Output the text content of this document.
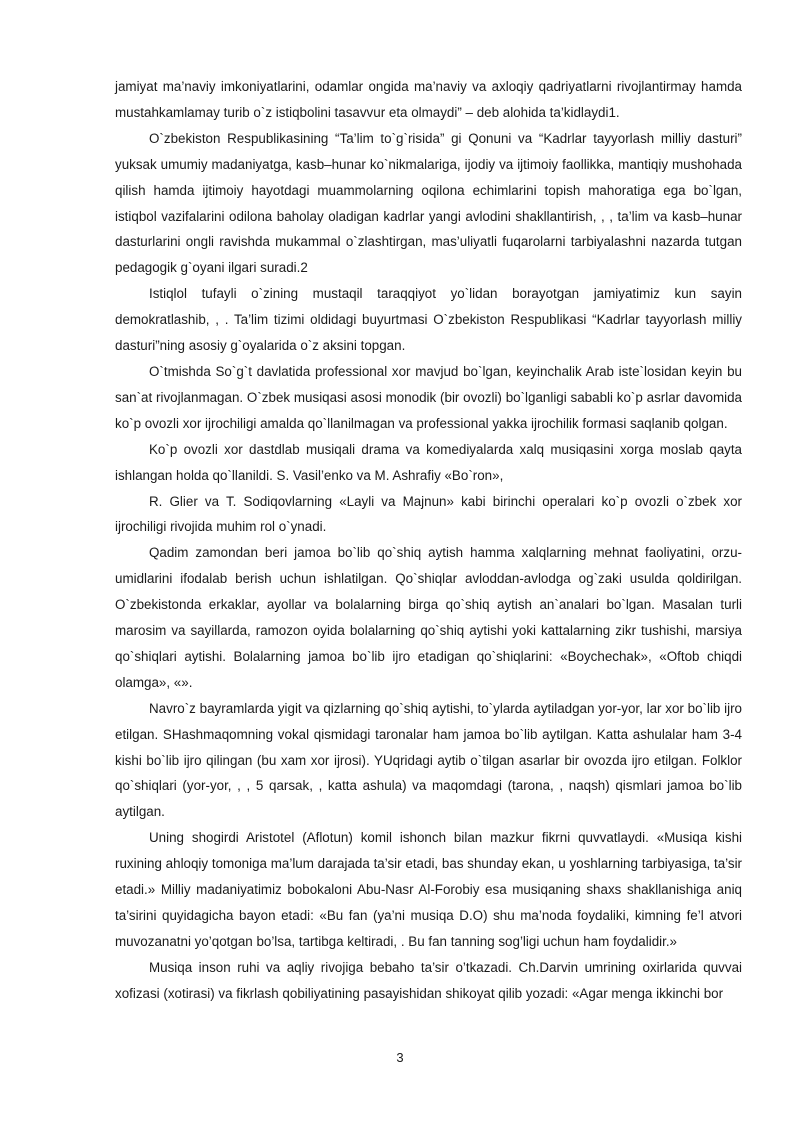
jamiyat ma’naviy imkoniyatlarini, odamlar ongida ma’naviy va axloqiy qadriyatlarni rivojlantirmay hamda mustahkamlamay turib o`z istiqbolini tasavvur eta olmaydi” – deb alohida ta’kidlaydi1.

O`zbekiston Respublikasining “Ta’lim to`g`risida” gi Qonuni va “Kadrlar tayyorlash milliy dasturi” yuksak umumiy madaniyatga, kasb–hunar ko`nikmalariga, ijodiy va ijtimoiy faollikka, mantiqiy mushohada qilish hamda ijtimoiy hayotdagi muammolarning oqilona echimlarini topish mahoratiga ega bo`lgan, istiqbol vazifalarini odilona baholay oladigan kadrlar yangi avlodini shakllantirish, , , ta’lim va kasb–hunar dasturlarini ongli ravishda mukammal o`zlashtirgan, mas’uliyatli fuqarolarni tarbiyalashni nazarda tutgan pedagogik g`oyani ilgari suradi.2

Istiqlol tufayli o`zining mustaqil taraqqiyot yo`lidan borayotgan jamiyatimiz kun sayin demokratlashib, , . Ta’lim tizimi oldidagi buyurtmasi O`zbekiston Respublikasi “Kadrlar tayyorlash milliy dasturi”ning asosiy g`oyalarida o`z aksini topgan.

O`tmishda So`g`t davlatida professional xor mavjud bo`lgan, keyinchalik Arab iste`losidan keyin bu san`at rivojlanmagan. O`zbek musiqasi asosi monodik (bir ovozli) bo`lganligi sababli ko`p asrlar davomida ko`p ovozli xor ijrochiligi amalda qo`llanilmagan va professional yakka ijrochilik formasi saqlanib qolgan.

Ko`p ovozli xor dastdlab musiqali drama va komediyalarda xalq musiqasini xorga moslab qayta ishlangan holda qo`llanildi. S. Vasil’enko va M. Ashrafiy «Bo`ron»,

R. Glier va T. Sodiqovlarning «Layli va Majnun» kabi birinchi operalari ko`p ovozli o`zbek xor ijrochiligi rivojida muhim rol o`ynadi.

Qadim zamondan beri jamoa bo`lib qo`shiq aytish hamma xalqlarning mehnat faoliyatini, orzu-umidlarini ifodalab berish uchun ishlatilgan. Qo`shiqlar avloddan-avlodga og`zaki usulda qoldirilgan. O`zbekistonda erkaklar, ayollar va bolalarning birga qo`shiq aytish an`analari bo`lgan. Masalan turli marosim va sayillarda, ramozon oyida bolalarning qo`shiq aytishi yoki kattalarning zikr tushishi, marsiya qo`shiqlari aytishi. Bolalarning jamoa bo`lib ijro etadigan qo`shiqlarini: «Boychechak», «Oftob chiqdi olamga», «».

Navro`z bayramlarda yigit va qizlarning qo`shiq aytishi, to`ylarda aytiladgan yor-yor, lar xor bo`lib ijro etilgan. SHashmaqomning vokal qismidagi taronalar ham jamoa bo`lib aytilgan. Katta ashulalar ham 3-4 kishi bo`lib ijro qilingan (bu xam xor ijrosi). YUqridagi aytib o`tilgan asarlar bir ovozda ijro etilgan. Folklor qo`shiqlari (yor-yor, , , 5 qarsak, , katta ashula) va maqomdagi (tarona, , naqsh) qismlari jamoa bo`lib aytilgan.

Uning shogirdi Aristotel (Aflotun) komil ishonch bilan mazkur fikrni quvvatlaydi. «Musiqa kishi ruxining ahloqiy tomoniga ma’lum darajada ta’sir etadi, bas shunday ekan, u yoshlarning tarbiyasiga, ta’sir etadi.» Milliy madaniyatimiz bobokaloni Abu-Nasr Al-Forobiy esa musiqaning shaxs shakllanishiga aniq ta’sirini quyidagicha bayon etadi: «Bu fan (ya’ni musiqa D.O) shu ma’noda foydaliki, kimning fe’l atvori muvozanatni yo’qotgan bo’lsa, tartibga keltiradi, . Bu fan tanning sog’ligi uchun ham foydalidir.»

Musiqa inson ruhi va aqliy rivojiga bebaho ta’sir o’tkazadi. Ch.Darvin umrining oxirlarida quvvai xofizasi (xotirasi) va fikrlash qobiliyatining pasayishidan shikoyat qilib yozadi: «Agar menga ikkinchi bor

3
